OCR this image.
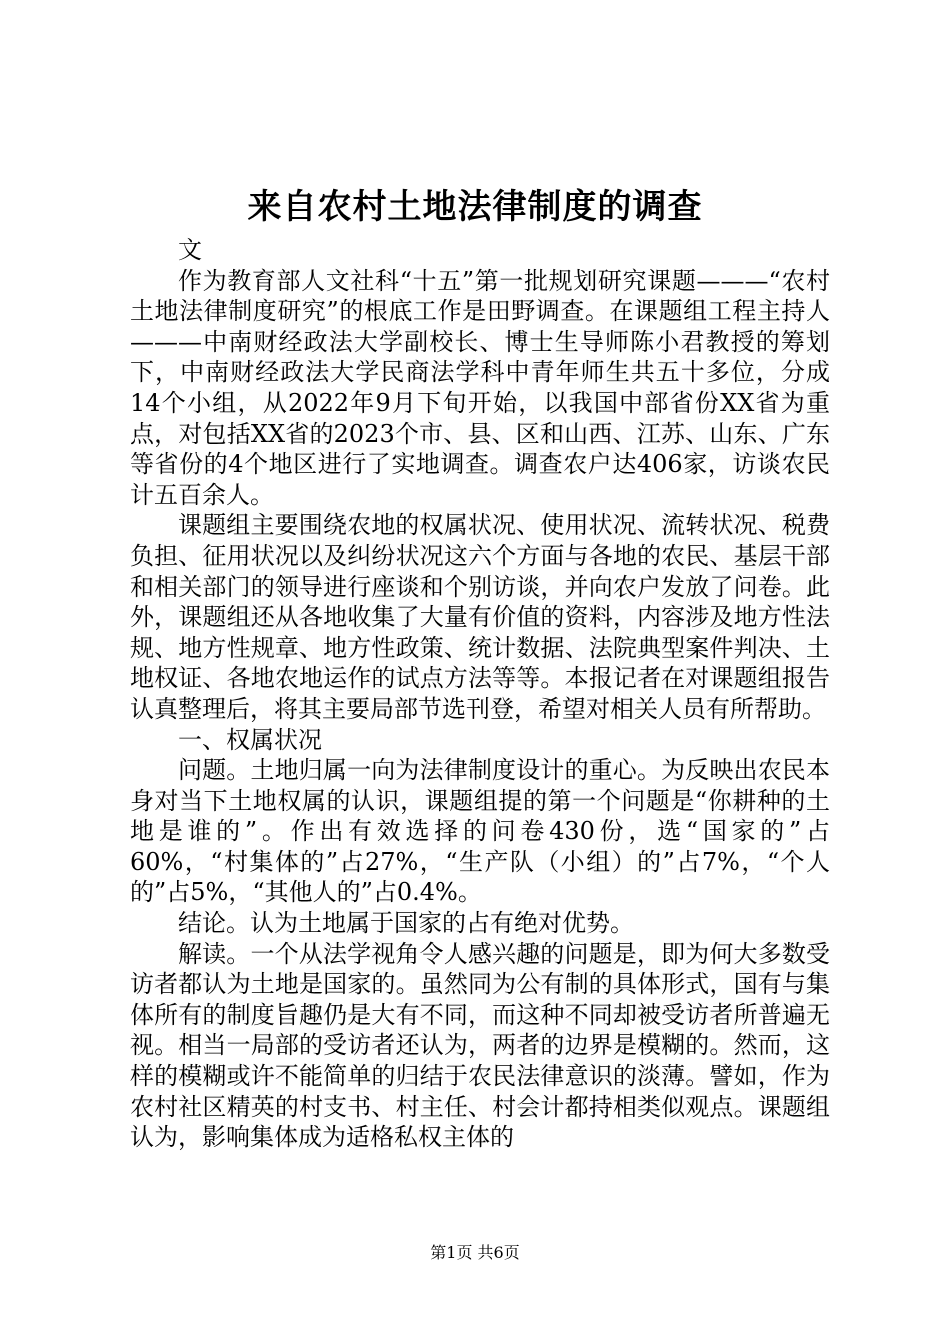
来自农村土地法律制度的调查

文

作为教育部人文社科“十五”第一批规划研究课题———“农村土地法律制度研究”的根底工作是田野调查。在课题组工程主持人———中南财经政法大学副校长、博士生导师陈小君教授的筹划下，中南财经政法大学民商法学科中青年师生共五十多位，分成14个小组，从2022年9月下旬开始，以我国中部省份XX省为重点，对包括XX省的2023个市、县、区和山西、江苏、山东、广东等省份的4个地区进行了实地调查。调查农户达406家，访谈农民计五百余人。

课题组主要围绕农地的权属状况、使用状况、流转状况、税费负担、征用状况以及纠纷状况这六个方面与各地的农民、基层干部和相关部门的领导进行座谈和个别访谈，并向农户发放了问卷。此外，课题组还从各地收集了大量有价值的资料，内容涉及地方性法规、地方性规章、地方性政策、统计数据、法院典型案件判决、土地权证、各地农地运作的试点方法等等。本报记者在对课题组报告认真整理后，将其主要局部节选刊登，希望对相关人员有所帮助。

一、权属状况

问题。土地归属一向为法律制度设计的重心。为反映出农民本身对当下土地权属的认识，课题组提的第一个问题是“你耕种的土地是谁的”。作出有效选择的问卷430份，选“国家的”占60%，“村集体的”占27%，“生产队（小组）的”占7%，“个人的”占5%，“其他人的”占0.4%。

结论。认为土地属于国家的占有绝对优势。

解读。一个从法学视角令人感兴趣的问题是，即为何大多数受访者都认为土地是国家的。虽然同为公有制的具体形式，国有与集体所有的制度旨趣仍是大有不同，而这种不同却被受访者所普遍无视。相当一局部的受访者还认为，两者的边界是模糊的。然而，这样的模糊或许不能简单的归结于农民法律意识的淡薄。譬如，作为农村社区精英的村支书、村主任、村会计都持相类似观点。课题组认为，影响集体成为适格私权主体的

第1页 共6页
